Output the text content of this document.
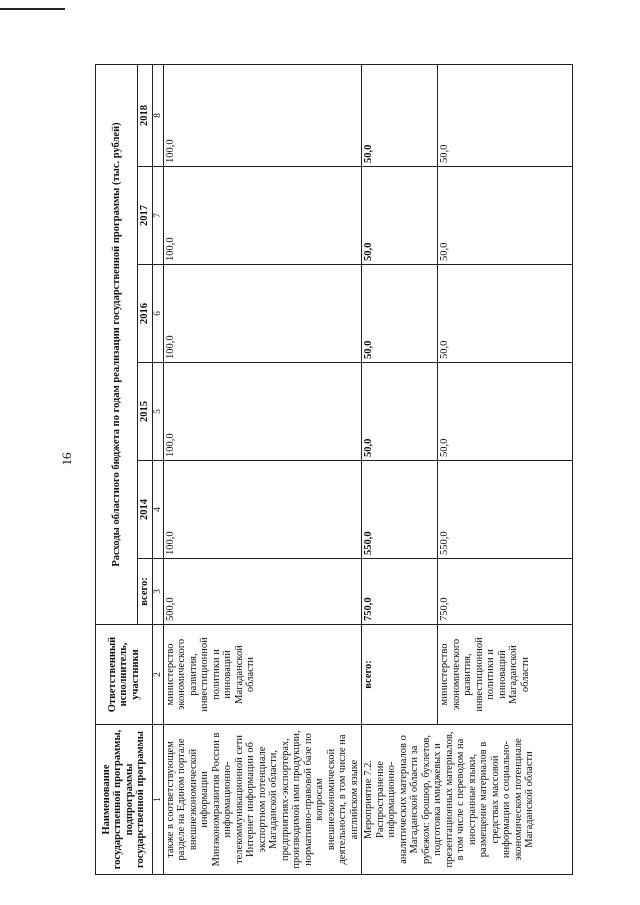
16
Наименование государственной программы, подпрограммы государственной программы	Ответственный исполнитель, участники	Расходы областного бюджета по годам реализации государственной программы (тыс. рублей)					
		всего:	2014	2015	2016	2017	2018
1	2	3	4	5	6	7	8
также в соответствующем разделе на Едином портале внешнеэкономической информации Минэкономразвития России в информационно-телекоммуникационной сети Интернет информации об экспортном потенциале Магаданской области, предприятиях-экспортерах, производимой ими продукции, нормативно-правовой базе по вопросам внешнеэкономической деятельности, в том числе на английском языке	министерство экономического развития, инвестиционной политики и инноваций Магаданской области	500,0	100,0	100,0	100,0	100,0	100,0
Мероприятие 7.2. Распространение информационно-аналитических материалов о Магаданской области за рубежом: брошюр, буклетов, подготовка имиджевых и презентационных материалов, в том числе с переводом на иностранные языки, размещение материалов в средствах массовой информации о социально-экономическом потенциале Магаданской области	всего:	750,0	550,0	50,0	50,0	50,0	50,0
	министерство экономического развития, инвестиционной политики и инноваций Магаданской области	750,0	550,0	50,0	50,0	50,0	50,0
